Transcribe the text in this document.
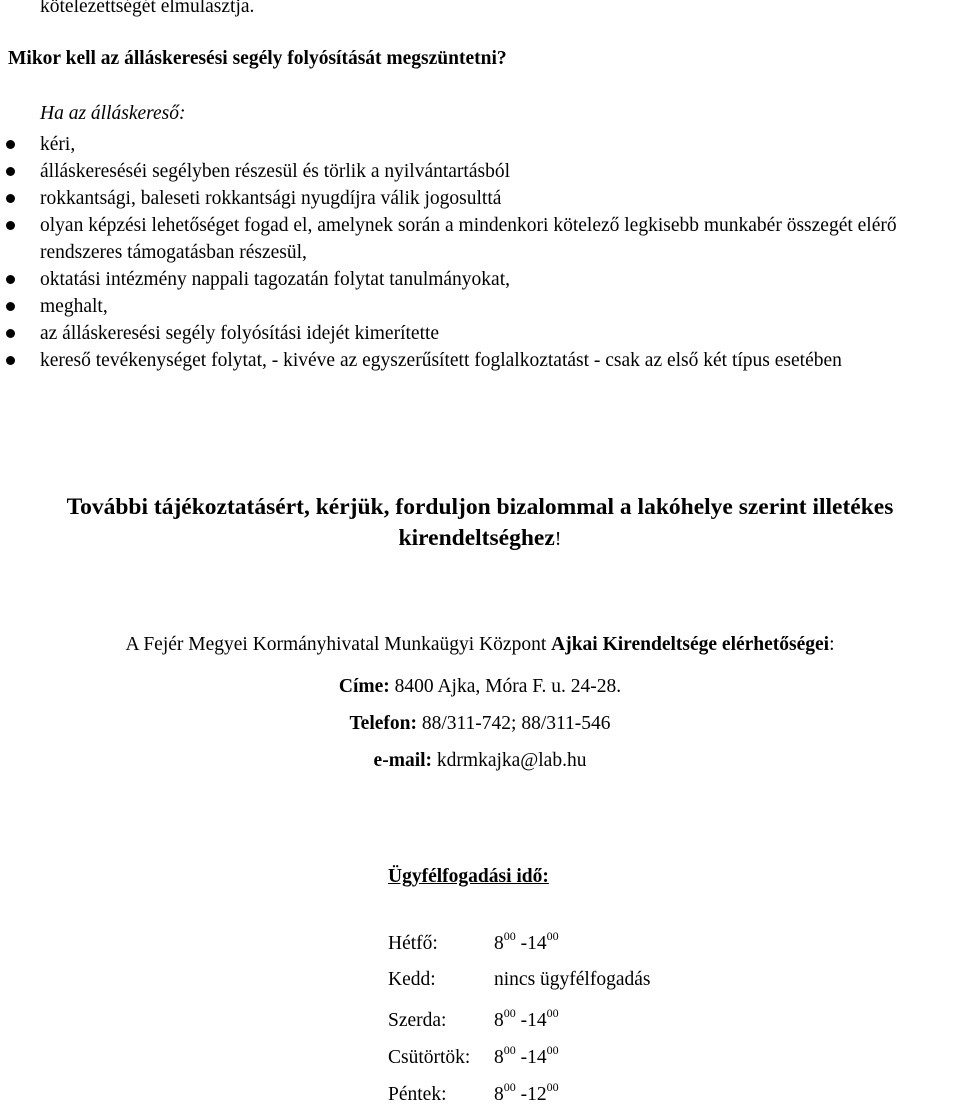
kötelezettségét elmulasztja.
Mikor kell az álláskeresési segély folyósítását megszüntetni?
Ha az álláskereső:
kéri,
álláskereséséi segélyben részesül és törlik a nyilvántartásból
rokkantsági, baleseti rokkantsági nyugdíjra válik jogosulttá
olyan képzési lehetőséget fogad el, amelynek során a mindenkori kötelező legkisebb munkabér összegét elérő rendszeres támogatásban részesül,
oktatási intézmény nappali tagozatán folytat tanulmányokat,
meghalt,
az álláskeresési segély folyósítási idejét kimerítette
kereső tevékenységet folytat, - kivéve az egyszerűsített foglalkoztatást - csak az első két típus esetében
További tájékoztatásért, kérjük, forduljon bizalommal a lakóhelye szerint illetékes
kirendeltséghez!
A Fejér Megyei Kormányhivatal Munkaügyi Központ Ajkai Kirendeltsége elérhetőségei:
Címe: 8400 Ajka, Móra F. u. 24-28.
Telefon: 88/311-742; 88/311-546
e-mail: kdrmkajka@lab.hu
Ügyfélfogadási idő:
Hétfő:	$8^{00}$ $-14^{00}$
Kedd:	nincs ügyfélfogadás
Szerda: $8^{00}$ $-14^{00}$
Csütörtök: $8^{00}$ $-14^{00}$
Péntek: $8^{00}$ $-12^{00}$
